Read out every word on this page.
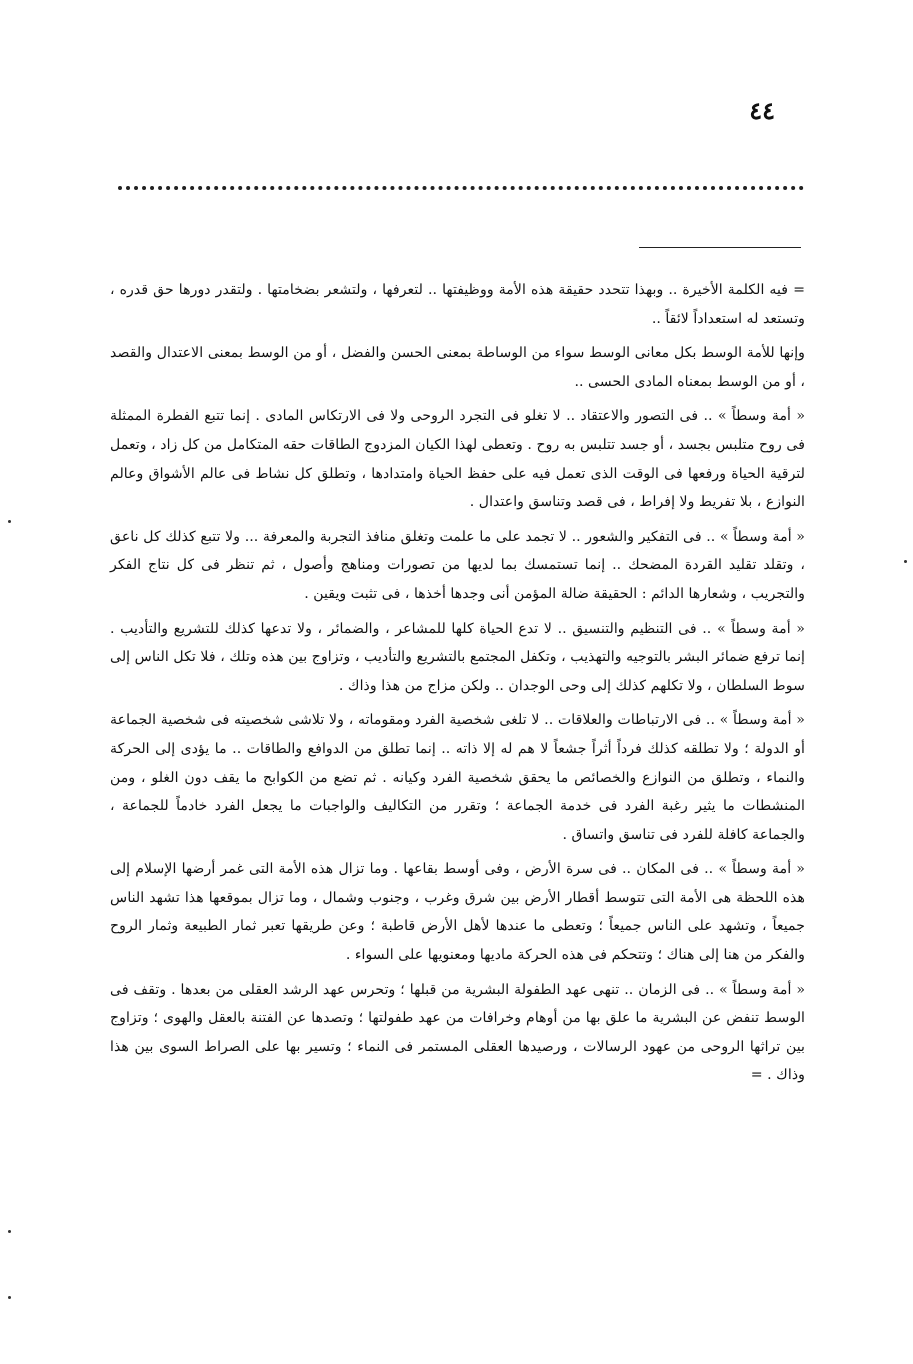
٤٤

= فيه الكلمة الأخيرة .. وبهذا تتحدد حقيقة هذه الأمة ووظيفتها .. لتعرفها ، ولتشعر بضخامتها . ولتقدر دورها حق قدره ، وتستعد له استعداداً لائقاً ..

وإنها للأمة الوسط بكل معانى الوسط سواء من الوساطة بمعنى الحسن والفضل ، أو من الوسط بمعنى الاعتدال والقصد ، أو من الوسط بمعناه المادى الحسى ..

« أمة وسطاً » .. فى التصور والاعتقاد .. لا تغلو فى التجرد الروحى ولا فى الارتكاس المادى . إنما تتبع الفطرة الممثلة فى روح متلبس بجسد ، أو جسد تتلبس به روح . وتعطى لهذا الكيان المزدوج الطاقات حقه المتكامل من كل زاد ، وتعمل لترقية الحياة ورفعها فى الوقت الذى تعمل فيه على حفظ الحياة وامتدادها ، وتطلق كل نشاط فى عالم الأشواق وعالم النوازع ، بلا تفريط ولا إفراط ، فى قصد وتناسق واعتدال .

« أمة وسطاً » .. فى التفكير والشعور .. لا تجمد على ما علمت وتغلق منافذ التجربة والمعرفة ... ولا تتبع كذلك كل ناعق ، وتقلد تقليد القردة المضحك .. إنما تستمسك بما لديها من تصورات ومناهج وأصول ، ثم تنظر فى كل نتاج الفكر والتجريب ، وشعارها الدائم : الحقيقة ضالة المؤمن أنى وجدها أخذها ، فى تثبت ويقين .

« أمة وسطاً » .. فى التنظيم والتنسيق .. لا تدع الحياة كلها للمشاعر ، والضمائر ، ولا تدعها كذلك للتشريع والتأديب . إنما ترفع ضمائر البشر بالتوجيه والتهذيب ، وتكفل المجتمع بالتشريع والتأديب ، وتزاوج بين هذه وتلك ، فلا تكل الناس إلى سوط السلطان ، ولا تكلهم كذلك إلى وحى الوجدان .. ولكن مزاج من هذا وذاك .

« أمة وسطاً » .. فى الارتباطات والعلاقات .. لا تلغى شخصية الفرد ومقوماته ، ولا تلاشى شخصيته فى شخصية الجماعة أو الدولة ؛ ولا تطلقه كذلك فرداً أثراً جشعاً لا هم له إلا ذاته .. إنما تطلق من الدوافع والطاقات .. ما يؤدى إلى الحركة والنماء ، وتطلق من النوازع والخصائص ما يحقق شخصية الفرد وكيانه . ثم تضع من الكوابح ما يقف دون الغلو ، ومن المنشطات ما يثير رغبة الفرد فى خدمة الجماعة ؛ وتقرر من التكاليف والواجبات ما يجعل الفرد خادماً للجماعة ، والجماعة كافلة للفرد فى تناسق واتساق .

« أمة وسطاً » .. فى المكان .. فى سرة الأرض ، وفى أوسط بقاعها . وما تزال هذه الأمة التى غمر أرضها الإسلام إلى هذه اللحظة هى الأمة التى تتوسط أقطار الأرض بين شرق وغرب ، وجنوب وشمال ، وما تزال بموقعها هذا تشهد الناس جميعاً ، وتشهد على الناس جميعاً ؛ وتعطى ما عندها لأهل الأرض قاطبة ؛ وعن طريقها تعبر ثمار الطبيعة وثمار الروح والفكر من هنا إلى هناك ؛ وتتحكم فى هذه الحركة ماديها ومعنويها على السواء .

« أمة وسطاً » .. فى الزمان .. تنهى عهد الطفولة البشرية من قبلها ؛ وتحرس عهد الرشد العقلى من بعدها . وتقف فى الوسط تنفض عن البشرية ما علق بها من أوهام وخرافات من عهد طفولتها ؛ وتصدها عن الفتنة بالعقل والهوى ؛ وتزاوج بين تراثها الروحى من عهود الرسالات ، ورصيدها العقلى المستمر فى النماء ؛ وتسير بها على الصراط السوى بين هذا وذاك . =
